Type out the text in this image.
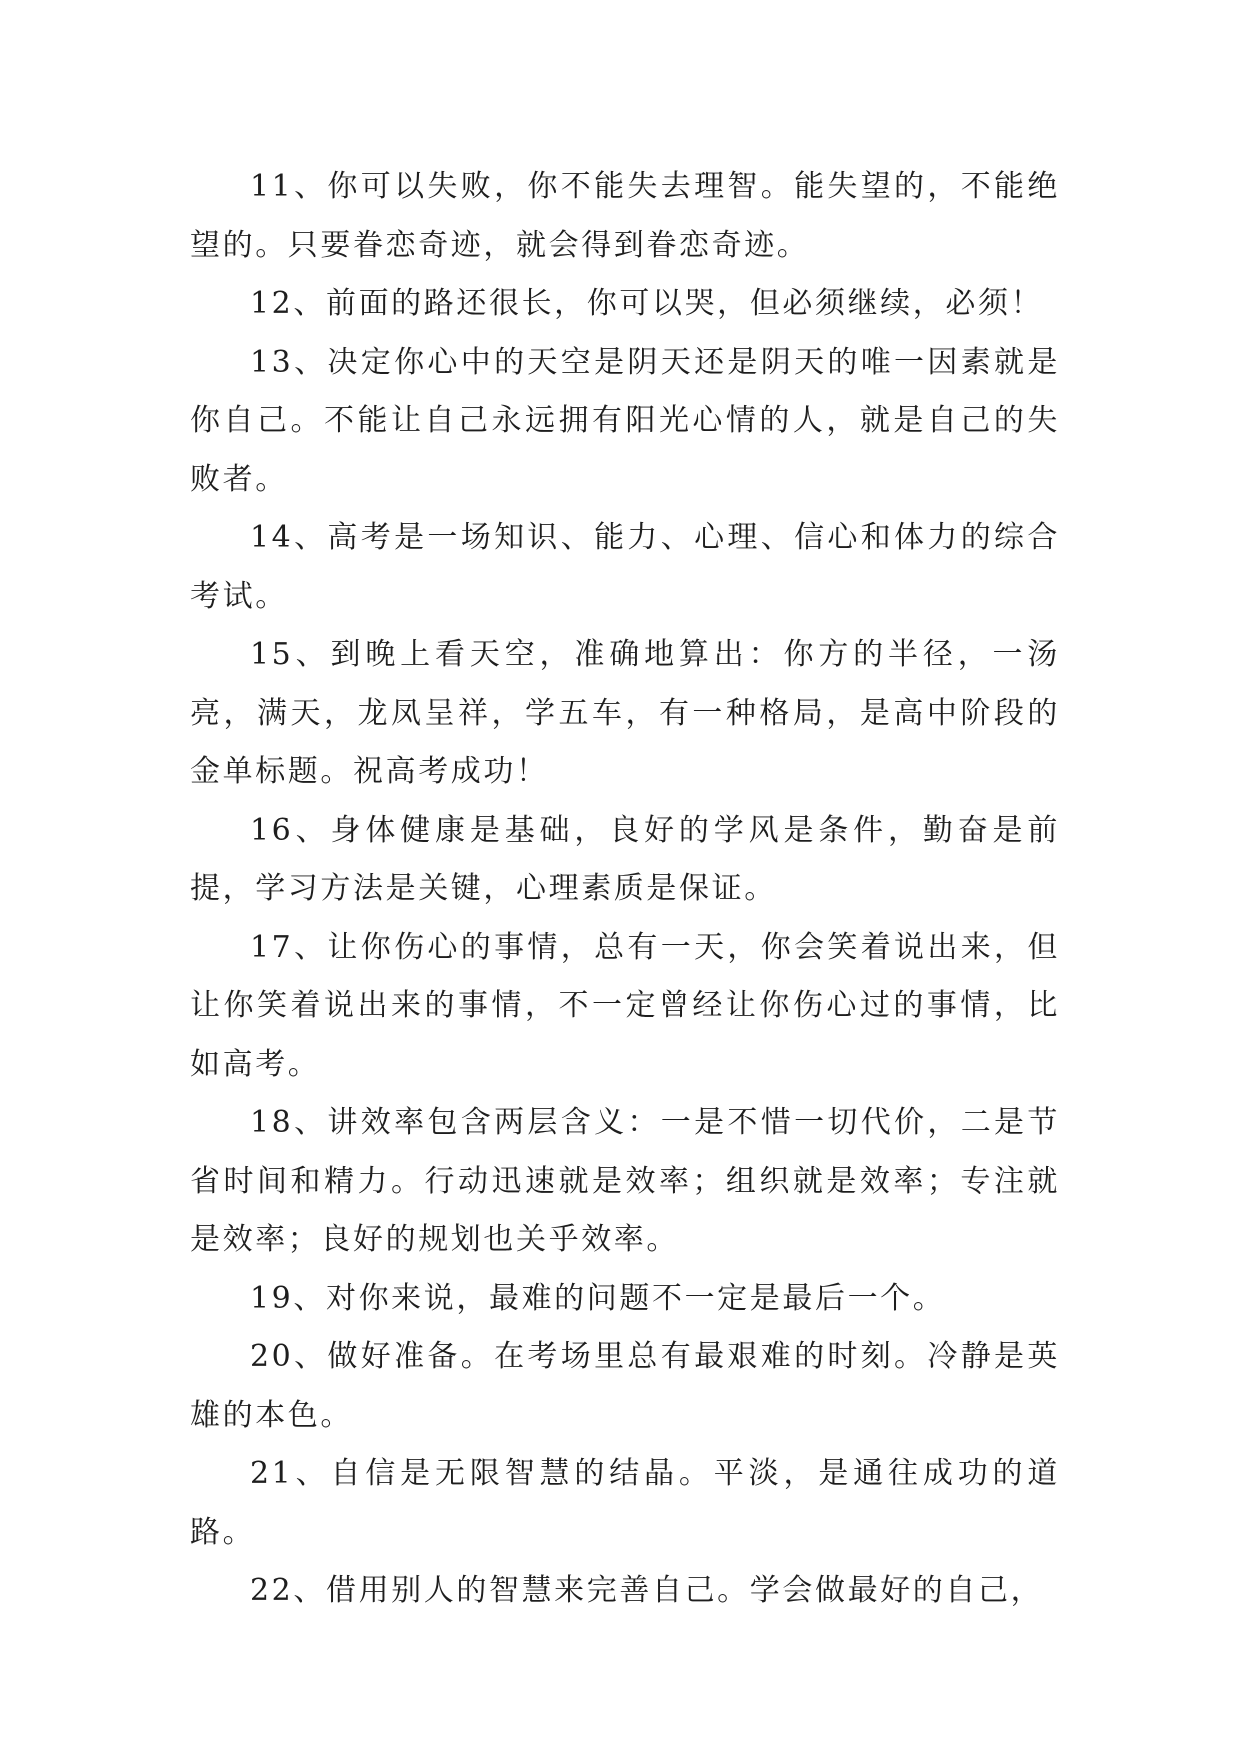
11、你可以失败，你不能失去理智。能失望的，不能绝望的。只要眷恋奇迹，就会得到眷恋奇迹。

12、前面的路还很长，你可以哭，但必须继续，必须！

13、决定你心中的天空是阴天还是阴天的唯一因素就是你自己。不能让自己永远拥有阳光心情的人，就是自己的失败者。

14、高考是一场知识、能力、心理、信心和体力的综合考试。

15、到晚上看天空，准确地算出：你方的半径，一汤亮，满天，龙凤呈祥，学五车，有一种格局，是高中阶段的金单标题。祝高考成功！

16、身体健康是基础，良好的学风是条件，勤奋是前提，学习方法是关键，心理素质是保证。

17、让你伤心的事情，总有一天，你会笑着说出来，但让你笑着说出来的事情，不一定曾经让你伤心过的事情，比如高考。

18、讲效率包含两层含义：一是不惜一切代价，二是节省时间和精力。行动迅速就是效率；组织就是效率；专注就是效率；良好的规划也关乎效率。

19、对你来说，最难的问题不一定是最后一个。

20、做好准备。在考场里总有最艰难的时刻。冷静是英雄的本色。

21、自信是无限智慧的结晶。平淡，是通往成功的道路。

22、借用别人的智慧来完善自己。学会做最好的自己，
